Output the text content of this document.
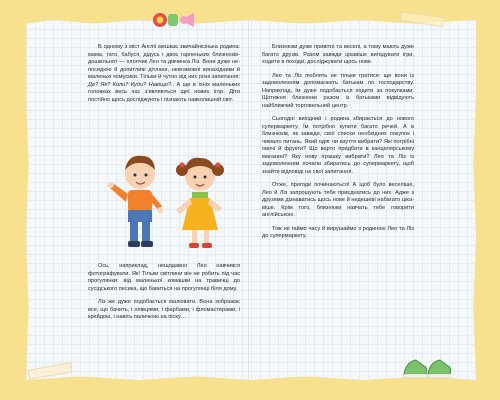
В одному з міст Англії мешкає звичайнісінька родина: мама, тато, бабуся, дідусь і двоє гарненьких близнюків-дошкільнят — хлопчик Лео та дівчинка Ліз. Вони дуже непосидючі й допитливі дітлахи, невгамовні винахідники й маленькі чомусики. Тільки й чутно від них різні запитання: Де? Як? Коли? Куди? Навіщо?.. А ще в їхніх маленьких головках весь час з'являються ідеї нових ігор. Діти постійно щось досліджують і пізнають навколишній світ.

Ось, наприклад, нещодавно Лео навчився фотографувати. Як! Тільки світлини він не робить під час прогулянки: від маленької комашки на травичці до сусідського песика, що бавиться на прогулянці біля дому.

Ліз же дуже подобається малювати. Вона зображає все, що бачить, і олівцями, і фарбами, і фломастерами, і крейдою, і навіть паличкою на піску…

Близнюки дуже привітні та веселі, а тому мають дуже багато друзів. Разом завжди цікавіше вигадувати ігри, ходити в походи, досліджувати щось нове.

Лео та Ліз люблять не тільки гратися: ще вони із задоволенням допомагають батькам по господарству. Наприклад, їм дуже подобається ходити за покупками. Щотижня близнюки разом із батьками відвідують найближчий торговельний центр.

Сьогодні вихідний і родина збирається до нового супермаркету. Їм потрібно купити багато речей. А в близнюків, як завжди, свої списки необхідних покупок і чимало питань. Який одяг чи взуття вибрати? Які потрібні овочі й фрукти? Що варто придбати в канцелярському магазині? Яку нову іграшку вибрати? Лео та Ліз із задоволенням почали збиратись до супермаркету, щоб знайти відповіді на свої запитання.

Отже, пригоди починаються! А щоб було веселіше, Лео й Ліз запрошують тебе приєднатись до них. Адже з друзями дізнаватись щось нове й недешеві набагато цікавіше. Крім того, близнюки навчать тебе говорити англійською.

Тож не гаймо часу й вирушаймо з родиною Лео та Ліз до супермаркету.
